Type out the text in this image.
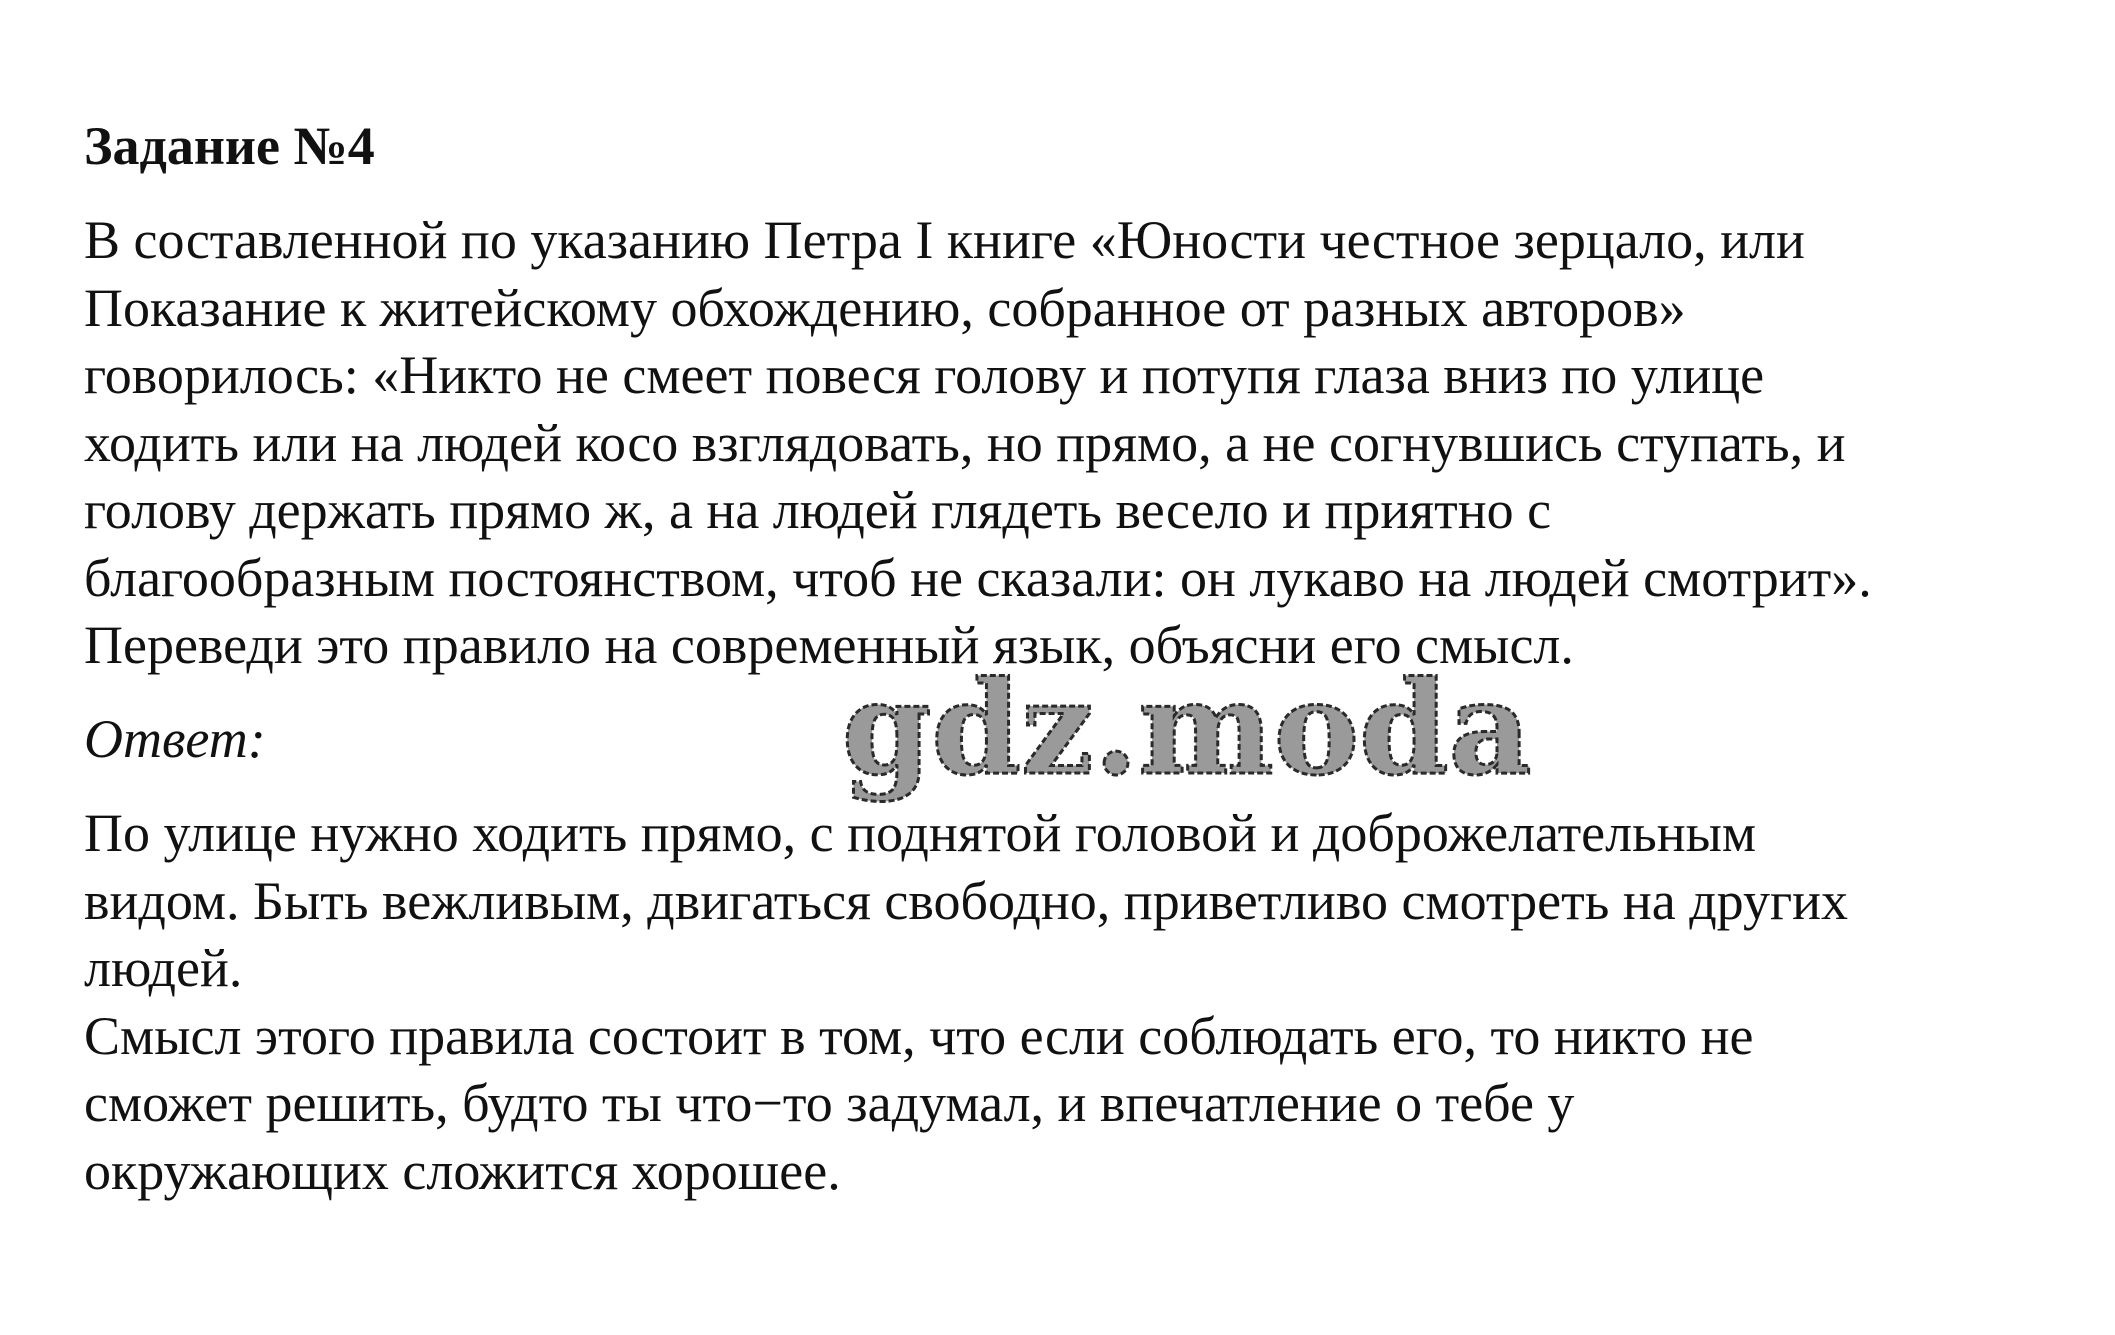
Задание №4
В составленной по указанию Петра I книге «Юности честное зерцало, или
Показание к житейскому обхождению, собранное от разных авторов»
говорилось: «Никто не смеет повеся голову и потупя глаза вниз по улице
ходить или на людей косо взглядовать, но прямо, а не согнувшись ступать, и
голову держать прямо ж, а на людей глядеть весело и приятно с
благообразным постоянством, чтоб не сказали: он лукаво на людей смотрит».
Переведи это правило на современный язык, объясни его смысл.
Ответ:	gdz.moda
По улице нужно ходить прямо, с поднятой головой и доброжелательным
видом. Быть вежливым, двигаться свободно, приветливо смотреть на других
людей.
Смысл этого правила состоит в том, что если соблюдать его, то никто не
сможет решить, будто ты что−то задумал, и впечатление о тебе у
окружающих сложится хорошее.
